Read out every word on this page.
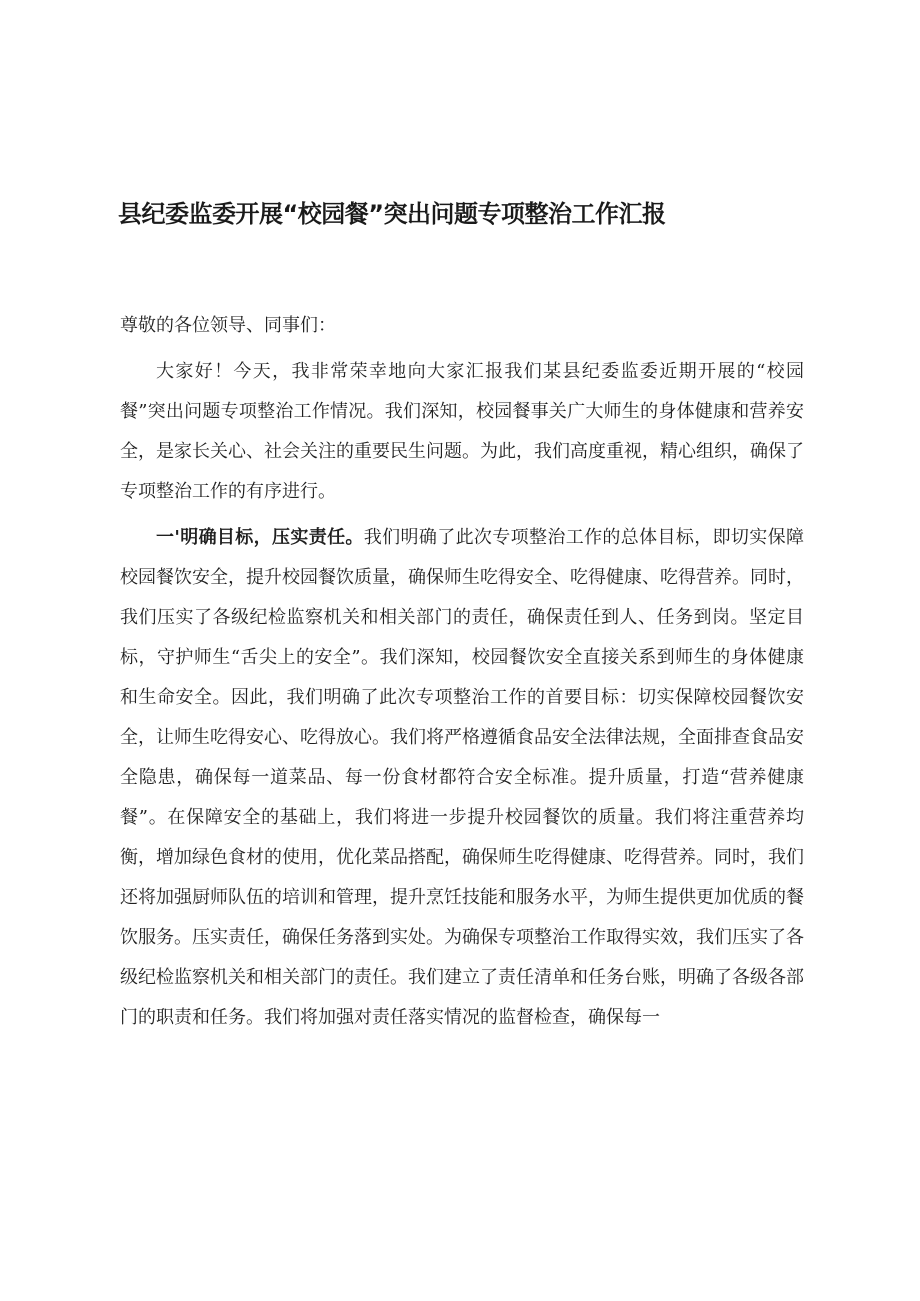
县纪委监委开展“校园餐”突出问题专项整治工作汇报

尊敬的各位领导、同事们：

大家好！今天，我非常荣幸地向大家汇报我们某县纪委监委近期开展的“校园餐”突出问题专项整治工作情况。我们深知，校园餐事关广大师生的身体健康和营养安全，是家长关心、社会关注的重要民生问题。为此，我们高度重视，精心组织，确保了专项整治工作的有序进行。

一'明确目标，压实责任。我们明确了此次专项整治工作的总体目标，即切实保障校园餐饮安全，提升校园餐饮质量，确保师生吃得安全、吃得健康、吃得营养。同时，我们压实了各级纪检监察机关和相关部门的责任，确保责任到人、任务到岗。坚定目标，守护师生“舌尖上的安全”。我们深知，校园餐饮安全直接关系到师生的身体健康和生命安全。因此，我们明确了此次专项整治工作的首要目标：切实保障校园餐饮安全，让师生吃得安心、吃得放心。我们将严格遵循食品安全法律法规，全面排查食品安全隐患，确保每一道菜品、每一份食材都符合安全标准。提升质量，打造“营养健康餐”。在保障安全的基础上，我们将进一步提升校园餐饮的质量。我们将注重营养均衡，增加绿色食材的使用，优化菜品搭配，确保师生吃得健康、吃得营养。同时，我们还将加强厨师队伍的培训和管理，提升烹饪技能和服务水平，为师生提供更加优质的餐饮服务。压实责任，确保任务落到实处。为确保专项整治工作取得实效，我们压实了各级纪检监察机关和相关部门的责任。我们建立了责任清单和任务台账，明确了各级各部门的职责和任务。我们将加强对责任落实情况的监督检查，确保每一
